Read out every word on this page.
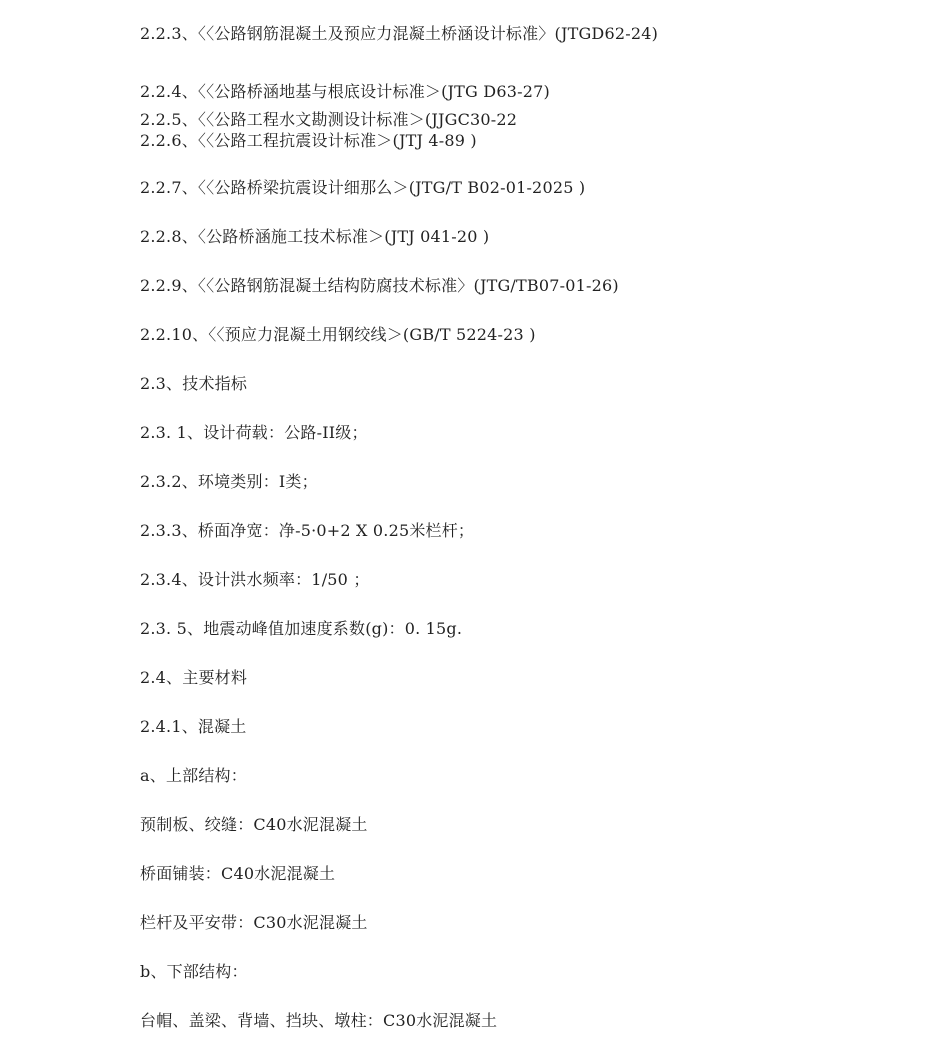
2.2.3、〈〈公路钢筋混凝土及预应力混凝土桥涵设计标准〉(JTGD62-24)
2.2.4、〈〈公路桥涵地基与根底设计标准＞(JTG D63-27)
2.2.5、〈〈公路工程水文勘测设计标准＞(JJGC30-22
2.2.6、〈〈公路工程抗震设计标准＞(JTJ 4-89 )
2.2.7、〈〈公路桥梁抗震设计细那么＞(JTG/T B02-01-2025 )
2.2.8、〈公路桥涵施工技术标准＞(JTJ 041-20 )
2.2.9、〈〈公路钢筋混凝土结构防腐技术标准〉(JTG/TB07-01-26)
2.2.10、〈〈预应力混凝土用钢绞线＞(GB/T 5224-23 )
2.3、技术指标
2.3. 1、设计荷载：公路-II级；
2.3.2、环境类别：I类；
2.3.3、桥面净宽：净-5·0+2 X 0.25米栏杆；
2.3.4、设计洪水频率：1/50 ；
2.3. 5、地震动峰值加速度系数(g)：0. 15g.
2.4、主要材料
2.4.1、混凝土
a、上部结构：
预制板、绞缝：C40水泥混凝土
桥面铺装：C40水泥混凝土
栏杆及平安带：C30水泥混凝土
b、下部结构：
台帽、盖梁、背墙、挡块、墩柱：C30水泥混凝土
